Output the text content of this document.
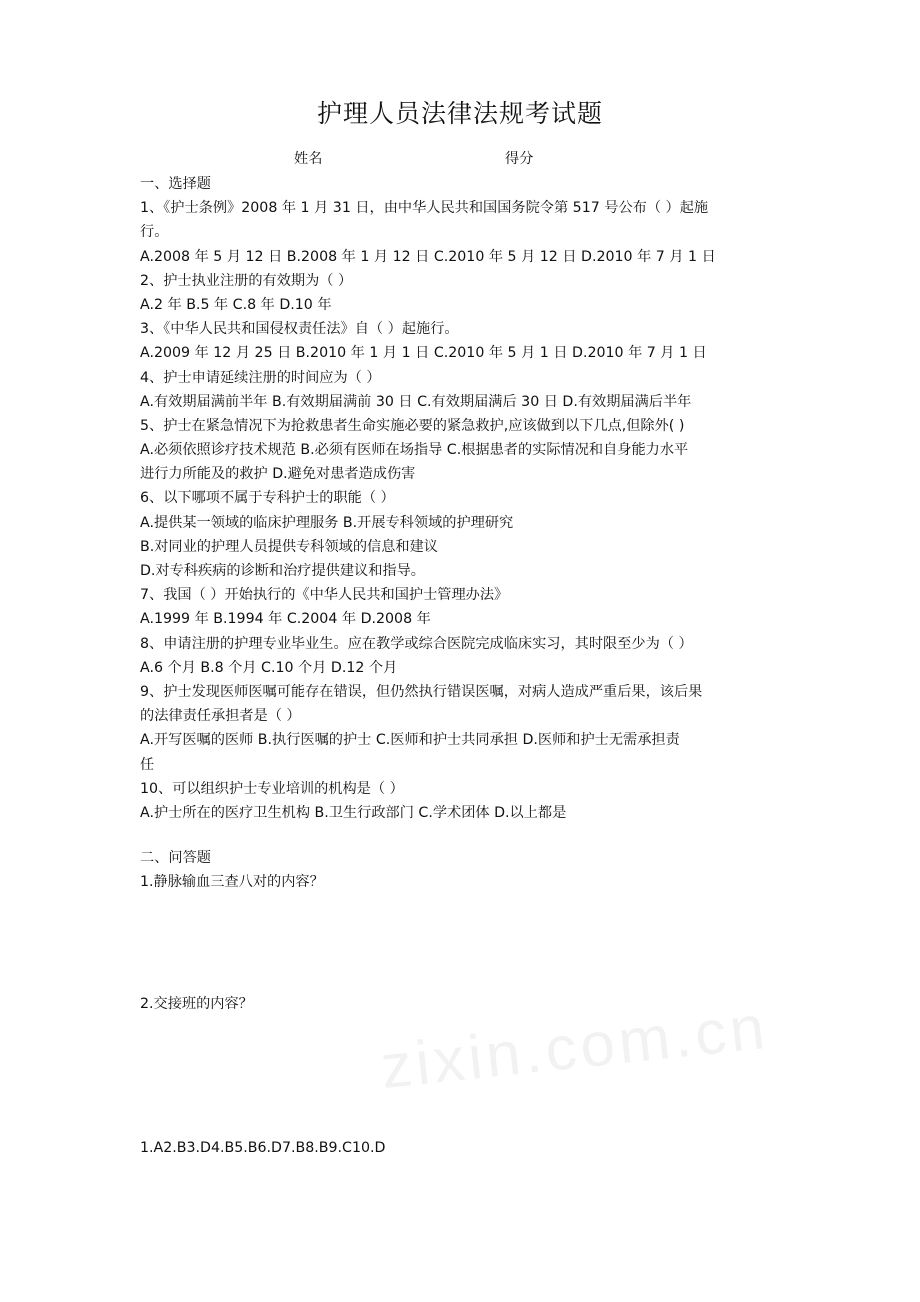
护理人员法律法规考试题
姓名	得分
一、选择题
1、《护士条例》2008 年 1 月 31 日，由中华人民共和国国务院令第 517 号公布（ ）起施
行。
A.2008 年 5 月 12 日 B.2008 年 1 月 12 日 C.2010 年 5 月 12 日 D.2010 年 7 月 1 日
2、护士执业注册的有效期为（ ）
A.2 年 B.5 年 C.8 年 D.10 年
3、《中华人民共和国侵权责任法》自（ ）起施行。
A.2009 年 12 月 25 日 B.2010 年 1 月 1 日 C.2010 年 5 月 1 日 D.2010 年 7 月 1 日
4、护士申请延续注册的时间应为（ ）
A.有效期届满前半年 B.有效期届满前 30 日 C.有效期届满后 30 日 D.有效期届满后半年
5、护士在紧急情况下为抢救患者生命实施必要的紧急救护,应该做到以下几点,但除外( )
A.必须依照诊疗技术规范 B.必须有医师在场指导 C.根据患者的实际情况和自身能力水平
进行力所能及的救护 D.避免对患者造成伤害
6、以下哪项不属于专科护士的职能（ ）
A.提供某一领域的临床护理服务 B.开展专科领域的护理研究
B.对同业的护理人员提供专科领域的信息和建议
D.对专科疾病的诊断和治疗提供建议和指导。
7、我国（ ）开始执行的《中华人民共和国护士管理办法》
A.1999 年 B.1994 年 C.2004 年 D.2008 年
8、申请注册的护理专业毕业生。应在教学或综合医院完成临床实习，其时限至少为（ ）
A.6 个月 B.8 个月 C.10 个月 D.12 个月
9、护士发现医师医嘱可能存在错误，但仍然执行错误医嘱，对病人造成严重后果，该后果
的法律责任承担者是（ ）
A.开写医嘱的医师 B.执行医嘱的护士 C.医师和护士共同承担 D.医师和护士无需承担责
任
10、可以组织护士专业培训的机构是（ ）
A.护士所在的医疗卫生机构 B.卫生行政部门 C.学术团体 D.以上都是
二、问答题
1.静脉输血三查八对的内容？
2.交接班的内容？	zixin.com.cn
1.A2.B3.D4.B5.B6.D7.B8.B9.C10.D
